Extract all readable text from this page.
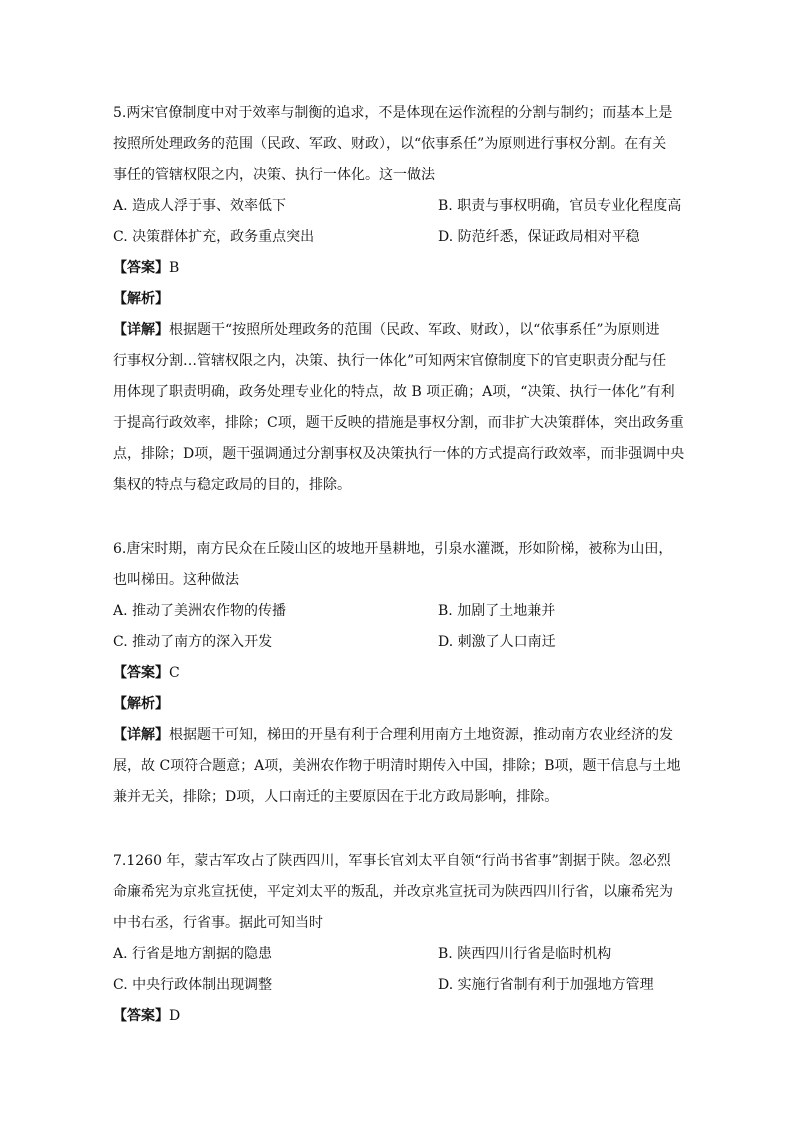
5.两宋官僚制度中对于效率与制衡的追求，不是体现在运作流程的分割与制约；而基本上是
按照所处理政务的范围（民政、军政、财政），以“依事系任”为原则进行事权分割。在有关
事任的管辖权限之内，决策、执行一体化。这一做法
A. 造成人浮于事、效率低下	B. 职责与事权明确，官员专业化程度高
C. 决策群体扩充，政务重点突出	D. 防范纤悉，保证政局相对平稳
【答案】B
【解析】
【详解】根据题干“按照所处理政务的范围（民政、军政、财政），以“依事系任”为原则进
行事权分割…管辖权限之内，决策、执行一体化”可知两宋官僚制度下的官吏职责分配与任
用体现了职责明确，政务处理专业化的特点，故 B 项正确；A项，“决策、执行一体化”有利
于提高行政效率，排除；C项，题干反映的措施是事权分割，而非扩大决策群体，突出政务重
点，排除；D项，题干强调通过分割事权及决策执行一体的方式提高行政效率，而非强调中央
集权的特点与稳定政局的目的，排除。
6.唐宋时期，南方民众在丘陵山区的坡地开垦耕地，引泉水灌溉，形如阶梯，被称为山田，
也叫梯田。这种做法
A. 推动了美洲农作物的传播	B. 加剧了土地兼并
C. 推动了南方的深入开发	D. 刺激了人口南迁
【答案】C
【解析】
【详解】根据题干可知，梯田的开垦有利于合理利用南方土地资源，推动南方农业经济的发
展，故 C项符合题意；A项，美洲农作物于明清时期传入中国，排除；B项，题干信息与土地
兼并无关，排除；D项，人口南迁的主要原因在于北方政局影响，排除。
7.1260 年，蒙古军攻占了陕西四川，军事长官刘太平自领“行尚书省事”割据于陕。忽必烈
命廉希宪为京兆宣抚使，平定刘太平的叛乱，并改京兆宣抚司为陕西四川行省，以廉希宪为
中书右丞，行省事。据此可知当时
A. 行省是地方割据的隐患	B. 陕西四川行省是临时机构
C. 中央行政体制出现调整	D. 实施行省制有利于加强地方管理
【答案】D
